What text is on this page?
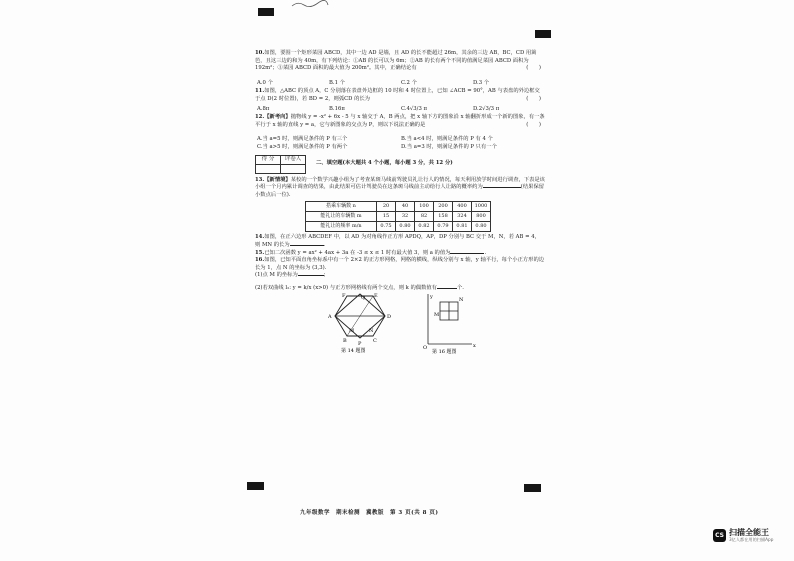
10.如图，要围一个矩形菜园 ABCD，其中一边 AD 是墙，且 AD 的长不能超过 26m，其余的三边 AB，BC，CD 用篱笆，且这三边的和为 40m，有下列结论：①AB 的长可以为 6m；②AB 的长有两个不同的值满足菜园 ABCD 面积为 192m²；③菜园 ABCD 面积的最大值为 200m²。其中，正确结论有	(　　)
A.0 个	B.1 个	C.2 个	D.3 个
11.如图，△ABC 的顶点 A，C 分别落在表盘外边框的 10 时和 4 时位置上，已知 ∠ACB = 90°，AB 与表盘的外边框交于点 D(2 时位置)，若 BD = 2，则弧CD 的长为	(　　)
A.8π	B.16π	C.4√3/3 π	D.2√3/3 π
12.【新考向】抛物线 y = -x² + 6x - 5 与 x 轴交于 A，B 两点，把 x 轴下方的图象沿 x 轴翻折形成一个新的图象，有一条平行于 x 轴的直线 y = a，它与新图象的交点为 P，则以下说法正确的是	(　　)
A.当 a=5 时，则满足条件的 P 有三个	B.当 a<4 时，则满足条件的 P 有 4 个
C.当 a>5 时，则满足条件的 P 有两个	D.当 a=3 时，则满足条件的 P 只有一个
得 分	评卷人

二、填空题(本大题共 4 个小题，每小题 3 分，共 12 分)
13.【新情境】某校的一个数学兴趣小组为了考查某斑马线前驾驶员礼让行人的情况，每天利用放学时间进行调查，下表是该小组一个月内累计调查的结果，由此结果可估计驾驶员在这条斑马线前主动给行人让路的概率约为	(结果保留小数点后一位).
搭乘车辆数 n	20	40	100	200	400	1000
能礼让的车辆数 m	15	32	82	158	324	800
能礼让的频率 m/n	0.75	0.80	0.82	0.79	0.81	0.80
14.如图，在正六边形 ABCDEF 中，以 AD 为对角线作正方形 APDQ，AP，DP 分别与 BC 交于 M，N，若 AB = 4，则 MN 的长为	.
15.已知二次函数 y = ax² + 4ax + 3a 在 -3 ≤ x ≤ 1 时有最大值 3，则 a 的值为	.
16.如图，已知平面直角坐标系中有一个 2×2 的正方形网格，网格的横线，纵线分别与 x 轴，y 轴平行，每个小正方形的边长为 1，点 N 的坐标为 (3,3).
(1)点 M 的坐标为	;
(2)若双曲线 l₂: y = k/x (x>0) 与正方形网格线有两个交点，则 k 的偶数值有	个.
A
B	C
D
E
F
P
Q
M	N
第 14 题图
y
x
O
M
N
第 16 题图
九年级数学　期末检测　冀教版　第 3 页(共 8 页)
CS 扫描全能王
3亿人都在用的扫描App
